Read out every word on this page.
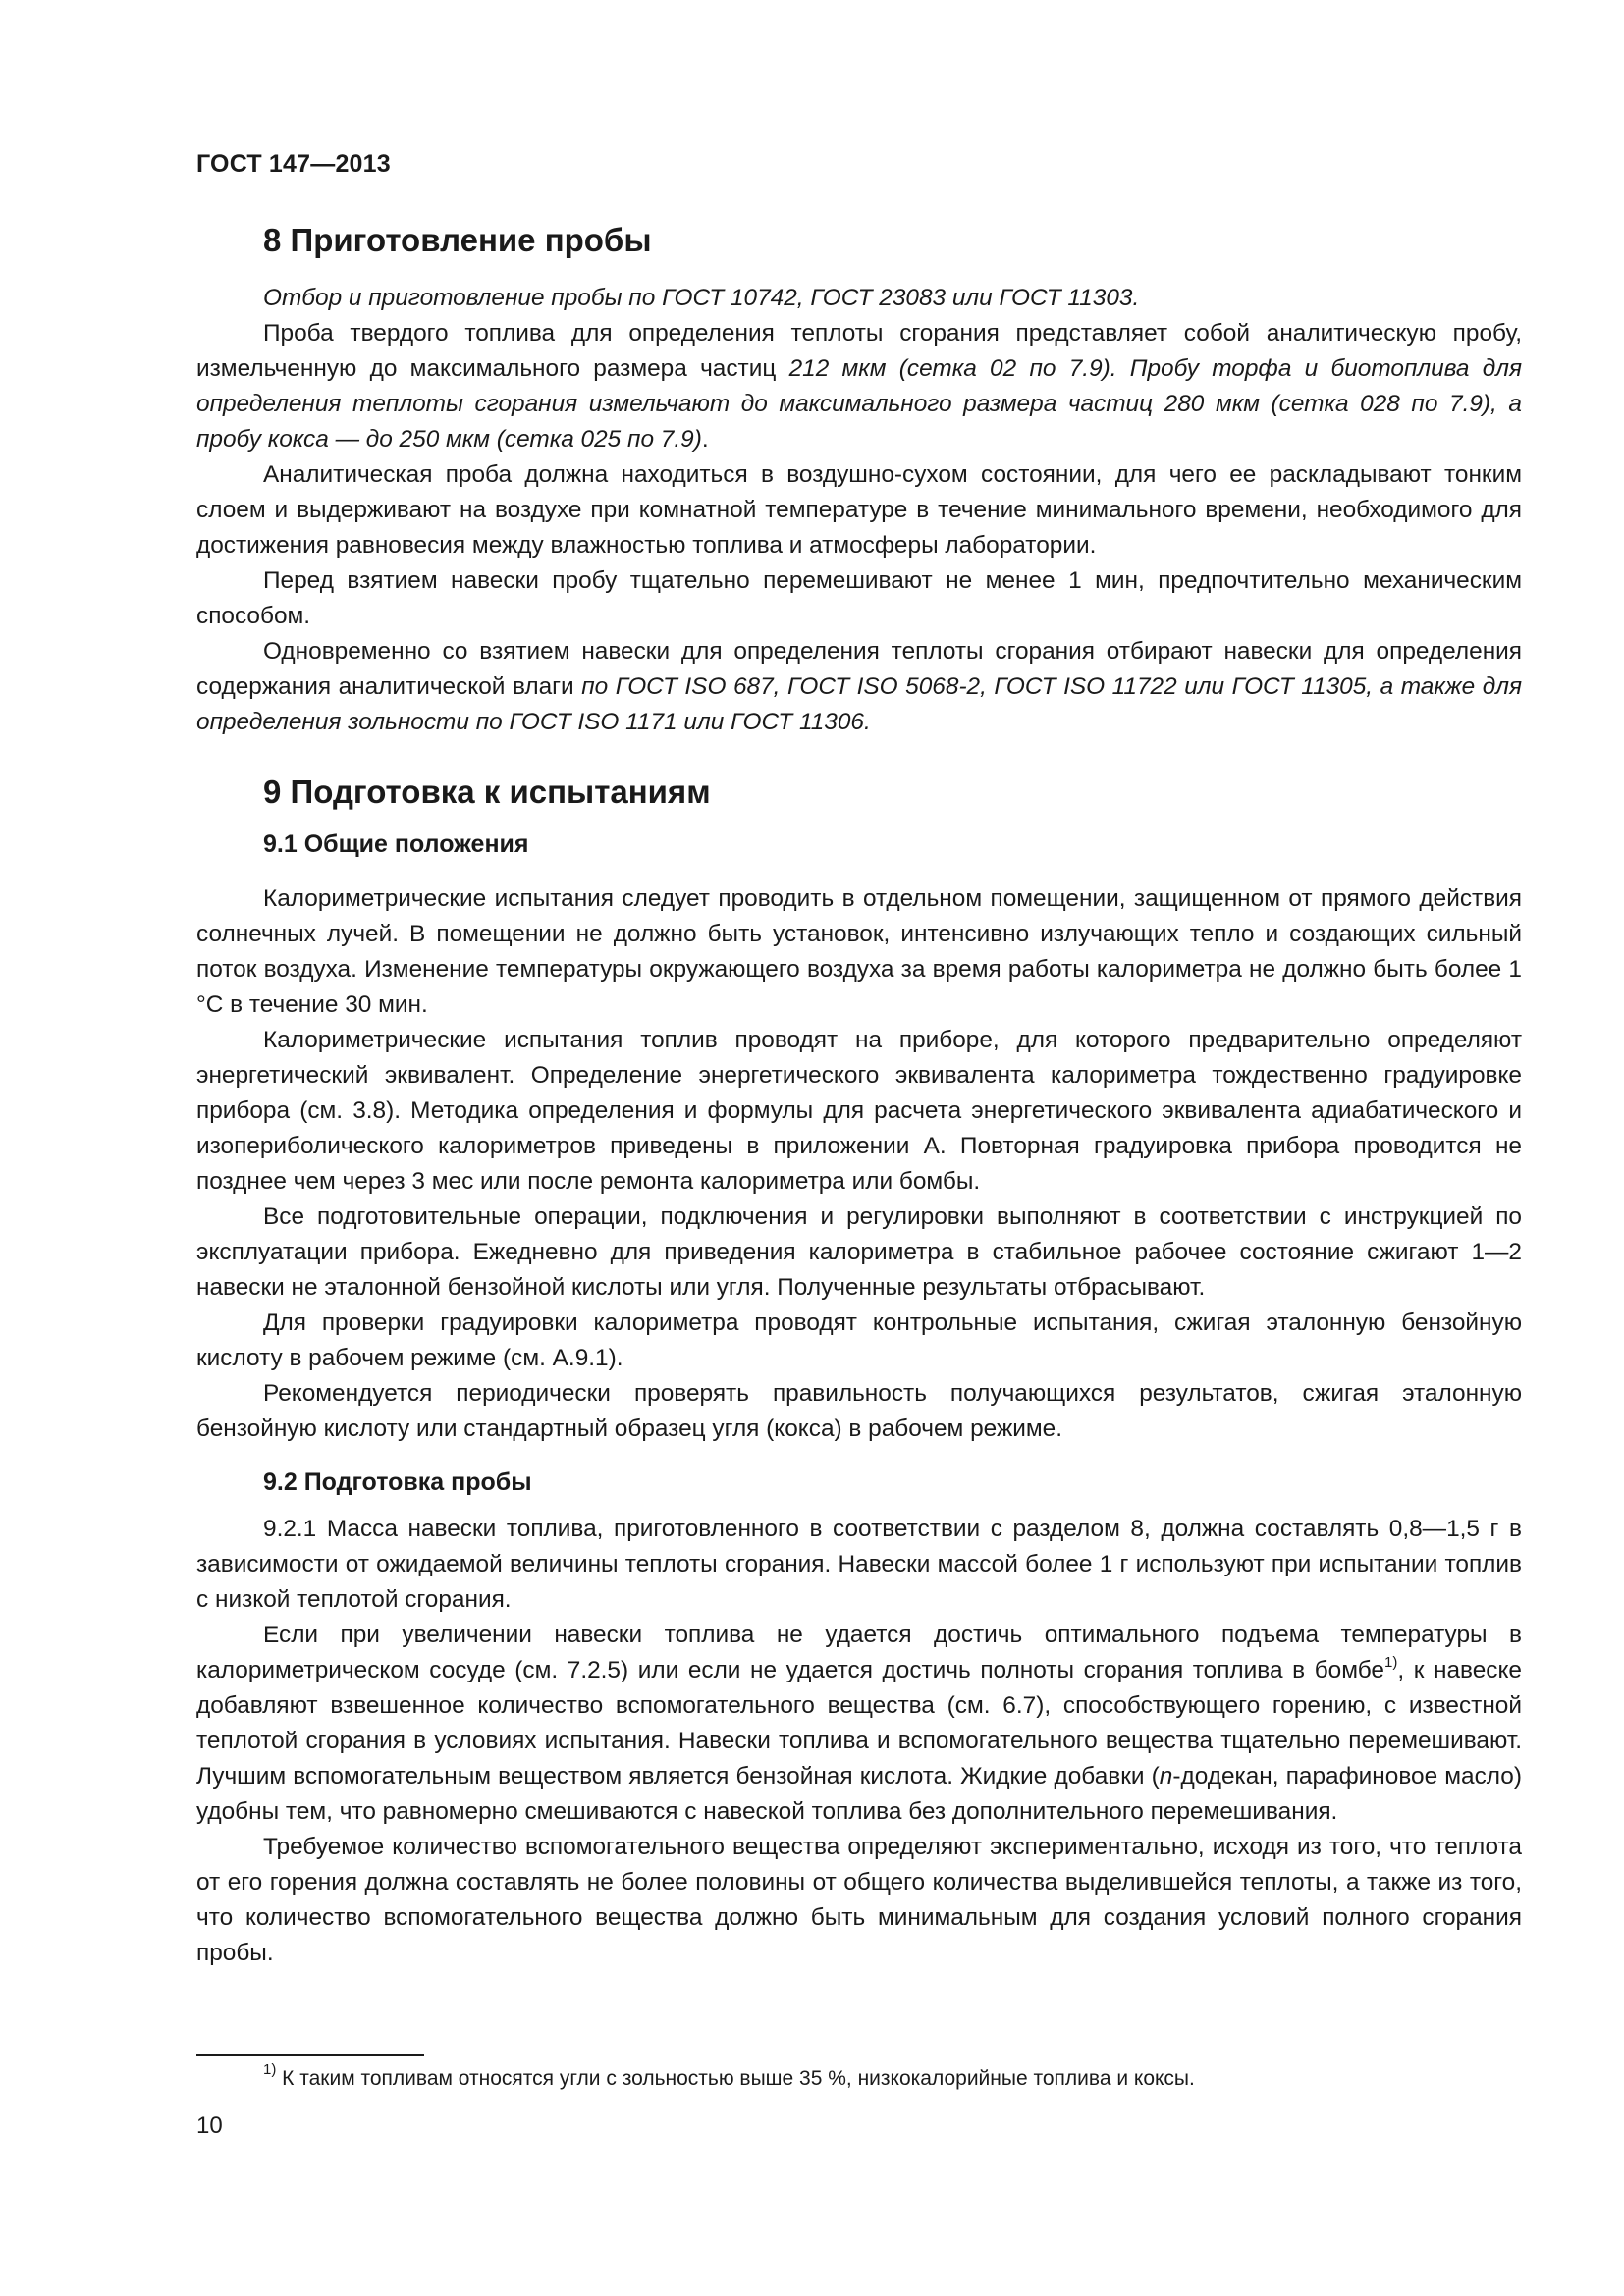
ГОСТ 147—2013
8 Приготовление пробы

Отбор и приготовление пробы по ГОСТ 10742, ГОСТ 23083 или ГОСТ 11303.

Проба твердого топлива для определения теплоты сгорания представляет собой аналитическую пробу, измельченную до максимального размера частиц 212 мкм (сетка 02 по 7.9). Пробу торфа и биотоплива для определения теплоты сгорания измельчают до максимального размера частиц 280 мкм (сетка 028 по 7.9), а пробу кокса — до 250 мкм (сетка 025 по 7.9).

Аналитическая проба должна находиться в воздушно-сухом состоянии, для чего ее раскладывают тонким слоем и выдерживают на воздухе при комнатной температуре в течение минимального времени, необходимого для достижения равновесия между влажностью топлива и атмосферы лаборатории.

Перед взятием навески пробу тщательно перемешивают не менее 1 мин, предпочтительно механическим способом.

Одновременно со взятием навески для определения теплоты сгорания отбирают навески для определения содержания аналитической влаги по ГОСТ ISO 687, ГОСТ ISO 5068-2, ГОСТ ISO 11722 или ГОСТ 11305, а также для определения зольности по ГОСТ ISO 1171 или ГОСТ 11306.

9 Подготовка к испытаниям
9.1 Общие положения

Калориметрические испытания следует проводить в отдельном помещении, защищенном от прямого действия солнечных лучей. В помещении не должно быть установок, интенсивно излучающих тепло и создающих сильный поток воздуха. Изменение температуры окружающего воздуха за время работы калориметра не должно быть более 1 °С в течение 30 мин.

Калориметрические испытания топлив проводят на приборе, для которого предварительно определяют энергетический эквивалент. Определение энергетического эквивалента калориметра тождественно градуировке прибора (см. 3.8). Методика определения и формулы для расчета энергетического эквивалента адиабатического и изопериболического калориметров приведены в приложении А. Повторная градуировка прибора проводится не позднее чем через 3 мес или после ремонта калориметра или бомбы.

Все подготовительные операции, подключения и регулировки выполняют в соответствии с инструкцией по эксплуатации прибора. Ежедневно для приведения калориметра в стабильное рабочее состояние сжигают 1—2 навески не эталонной бензойной кислоты или угля. Полученные результаты отбрасывают.

Для проверки градуировки калориметра проводят контрольные испытания, сжигая эталонную бензойную кислоту в рабочем режиме (см. А.9.1).

Рекомендуется периодически проверять правильность получающихся результатов, сжигая эталонную бензойную кислоту или стандартный образец угля (кокса) в рабочем режиме.

9.2 Подготовка пробы

9.2.1 Масса навески топлива, приготовленного в соответствии с разделом 8, должна составлять 0,8—1,5 г в зависимости от ожидаемой величины теплоты сгорания. Навески массой более 1 г используют при испытании топлив с низкой теплотой сгорания.

Если при увеличении навески топлива не удается достичь оптимального подъема температуры в калориметрическом сосуде (см. 7.2.5) или если не удается достичь полноты сгорания топлива в бомбе$^{1)}$, к навеске добавляют взвешенное количество вспомогательного вещества (см. 6.7), способствующего горению, с известной теплотой сгорания в условиях испытания. Навески топлива и вспомогательного вещества тщательно перемешивают. Лучшим вспомогательным веществом является бензойная кислота. Жидкие добавки (n-додекан, парафиновое масло) удобны тем, что равномерно смешиваются с навеской топлива без дополнительного перемешивания.

Требуемое количество вспомогательного вещества определяют экспериментально, исходя из того, что теплота от его горения должна составлять не более половины от общего количества выделившейся теплоты, а также из того, что количество вспомогательного вещества должно быть минимальным для создания условий полного сгорания пробы.

$^{1)}$ К таким топливам относятся угли с зольностью выше 35 %, низкокалорийные топлива и коксы.
10
